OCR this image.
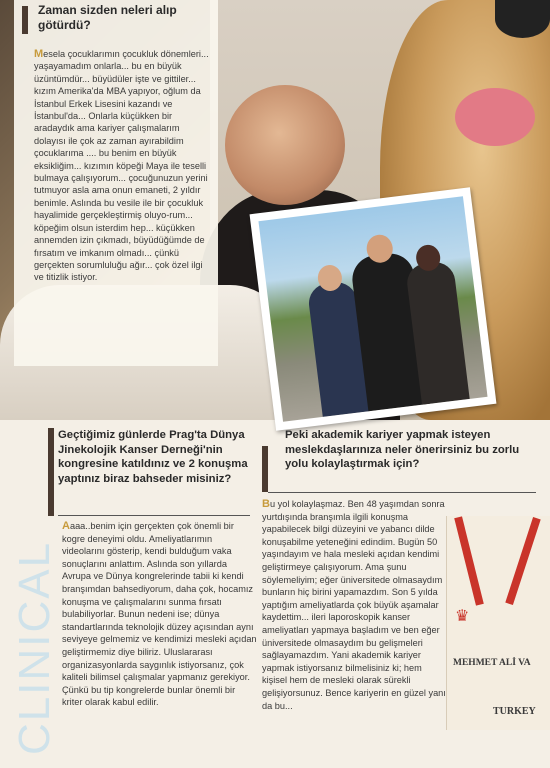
Zaman sizden neleri alıp götürdü?
Mesela çocuklarımın çocukluk dönemleri... yaşayamadım onlarla... bu en büyük üzüntümdür... büyüdüler işte ve gittiler... kızım Amerika'da MBA yapıyor, oğlum da İstanbul Erkek Lisesini kazandı ve İstanbul'da... Onlarla küçükken bir aradaydık ama kariyer çalışmalarım dolayısı ile çok az zaman ayırabildim çocuklarıma .... bu benim en büyük eksikliğim... kızımın köpeği Maya ile teselli bulmaya çalışıyorum... çocuğunuzun yerini tutmuyor asla ama onun emaneti, 2 yıldır benimle. Aslında bu vesile ile bir çocukluk hayalimide gerçekleştirmiş oluyo-rum... köpeğim olsun isterdim hep... küçükken annemden izin çıkmadı, büyüdüğümde de fırsatım ve imkanım olmadı... çünkü gerçekten sorumluluğu ağır... çok özel ilgi ve titizlik istiyor.
Geçtiğimiz günlerde Prag'ta Dünya Jinekolojik Kanser Derneği'nin kongresine katıldınız ve 2 konuşma yaptınız biraz bahseder misiniz?
Aaaa..benim için gerçekten çok önemli bir kogre deneyimi oldu. Ameliyatlarımın videolarını gösterip, kendi bulduğum vaka sonuçlarını anlattım. Aslında son yıllarda Avrupa ve Dünya kongrelerinde tabii ki kendi branşımdan bahsediyorum, daha çok, hocamız konuşma ve çalışmalarını sunma fırsatı bulabiliyorlar. Bunun nedeni ise; dünya standartlarında teknolojik düzey açısından aynı seviyeye gelmemiz ve kendimizi mesleki açıdan geliştirmemiz diye biliriz. Uluslararası organizasyonlarda saygınlık istiyorsanız, çok kaliteli bilimsel çalışmalar yapmanız gerekiyor. Çünkü bu tip kongrelerde bunlar önemli bir kriter olarak kabul edilir.
Peki akademik kariyer yapmak isteyen meslekdaşlarınıza neler önerirsiniz bu zorlu yolu kolaylaştırmak için?
Bu yol kolaylaşmaz. Ben 48 yaşımdan sonra yurtdışında branşımla ilgili konuşma yapabilecek bilgi düzeyini ve yabancı dilde konuşabilme yeteneğini edindim. Bugün 50 yaşındayım ve hala mesleki açıdan kendimi geliştirmeye çalışıyorum. Ama şunu söylemeliyim; eğer üniversitede olmasaydım bunların hiç birini yapamazdım. Son 5 yılda yaptığım ameliyatlarda çok büyük aşamalar kaydettim... ileri laporoskopik kanser ameliyatları yapmaya başladım ve ben eğer üniversitede olmasaydım bu gelişmeleri sağlayamazdım. Yani akademik kariyer yapmak istiyorsanız bilmelisiniz ki; hem kişisel hem de mesleki olarak sürekli gelişiyorsunuz. Bence kariyerin en güzel yanı da bu...
CLINICAL	♛
MEHMET ALİ VA
TURKEY
